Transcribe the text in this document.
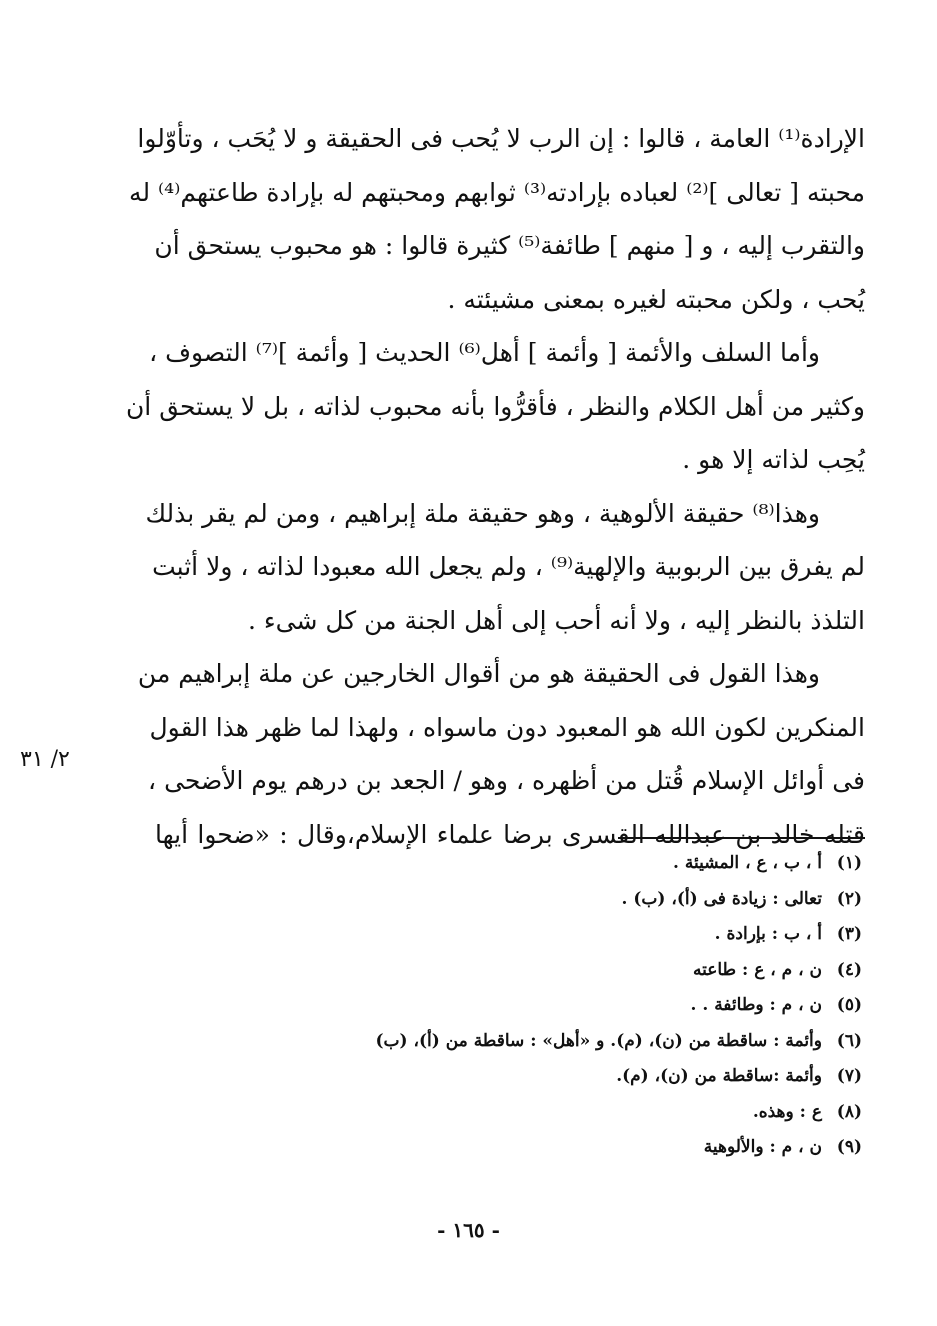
الإرادة⁽¹⁾ العامة ، قالوا : إن الرب لا يُحب فى الحقيقة و لا يُحَب ، وتأوّلوا
محبته [ تعالى ]⁽²⁾ لعباده بإرادته⁽³⁾ ثوابهم ومحبتهم له بإرادة طاعتهم⁽⁴⁾ له
والتقرب إليه ، و [ منهم ] طائفة⁽⁵⁾ كثيرة قالوا : هو محبوب يستحق أن
يُحب ، ولكن محبته لغيره بمعنى مشيئته .
وأما السلف والأئمة [ وأئمة ] أهل⁽⁶⁾ الحديث [ وأئمة ]⁽⁷⁾ التصوف ،
وكثير من أهل الكلام والنظر ، فأقرُّوا بأنه محبوب لذاته ، بل لا يستحق أن
يُحِب لذاته إلا هو .
وهذا⁽⁸⁾ حقيقة الألوهية ، وهو حقيقة ملة إبراهيم ، ومن لم يقر بذلك
لم يفرق بين الربوبية والإلهية⁽⁹⁾ ، ولم يجعل الله معبودا لذاته ، ولا أثبت
التلذذ بالنظر إليه ، ولا أنه أحب إلى أهل الجنة من كل شىء .
وهذا القول فى الحقيقة هو من أقوال الخارجين عن ملة إبراهيم من
المنكرين لكون الله هو المعبود دون ماسواه ، ولهذا لما ظهر هذا القول
فى أوائل الإسلام قُتل من أظهره ، وهو / الجعد بن درهم يوم الأضحى ،
قتله خالد بن عبدالله القسرى برضا علماء الإسلام،وقال : «ضحوا أيها
٢/ ٣١
(١)
أ ، ب ، ع ، المشيئة .
(٢)
تعالى : زيادة فى (أ)، (ب) .
(٣)
أ ، ب : بإرادة .
(٤)
ن ، م ، ع : طاعته
(٥)
ن ، م : وطائفة . .
(٦)
وأئمة : ساقطة من (ن)، (م). و «أهل» : ساقطة من (أ)، (ب)
(٧)
وأئمة :ساقطة من (ن)، (م).
(٨)
ع : وهذه.
(٩)
ن ، م : والألوهية
- ١٦٥ -
